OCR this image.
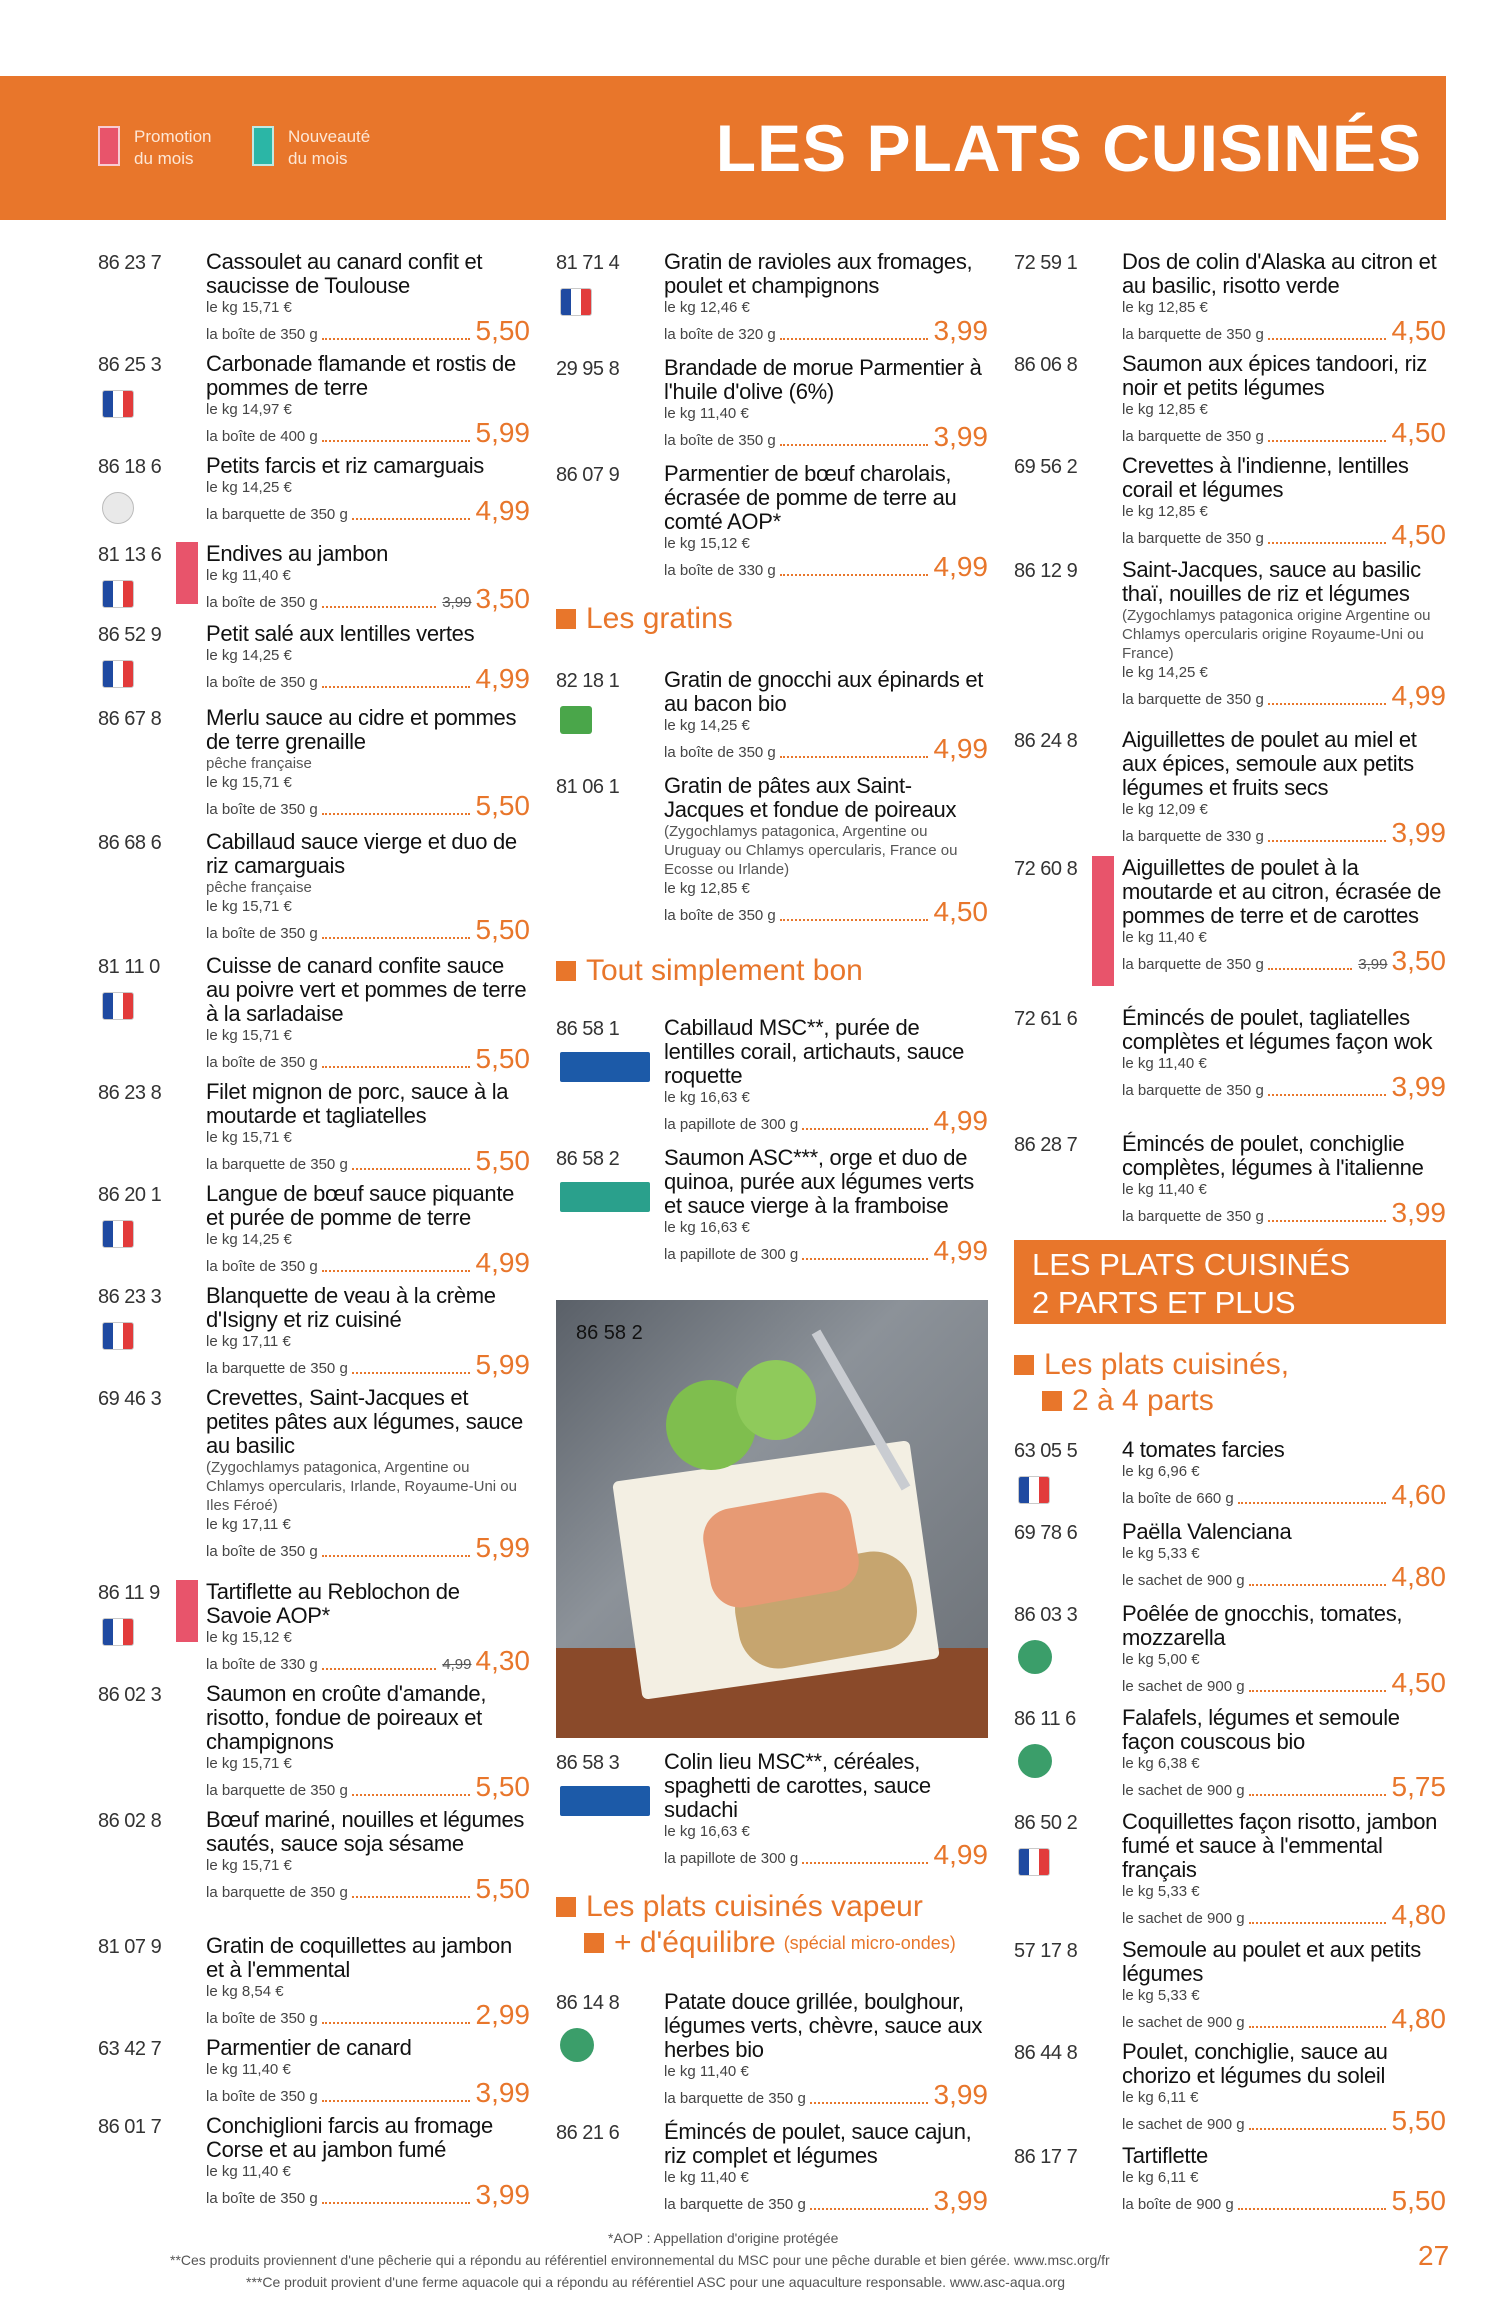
Promotion
du mois
Nouveauté
du mois	LES PLATS CUISINÉS
86 23 7 Cassoulet au canard confit et saucisse de Toulouse
le kg 15,71 €
la boîte de 350 g	5,50
86 25 3 Carbonade flamande et rostis de pommes de terre
le kg 14,97 €
la boîte de 400 g	5,99
86 18 6 Petits farcis et riz camarguais
le kg 14,25 €
la barquette de 350 g	4,99
81 13 6 Endives au jambon
le kg 11,40 €
la boîte de 350 g	3,99 3,50
86 52 9 Petit salé aux lentilles vertes
le kg 14,25 €
la boîte de 350 g	4,99
86 67 8 Merlu sauce au cidre et pommes de terre grenaille
pêche française
le kg 15,71 €
la boîte de 350 g	5,50
86 68 6 Cabillaud sauce vierge et duo de riz camarguais
pêche française
le kg 15,71 €
la boîte de 350 g	5,50
81 11 0 Cuisse de canard confite sauce au poivre vert et pommes de terre à la sarladaise
le kg 15,71 €
la boîte de 350 g	5,50
86 23 8 Filet mignon de porc, sauce à la moutarde et tagliatelles
le kg 15,71 €
la barquette de 350 g	5,50
86 20 1 Langue de bœuf sauce piquante et purée de pomme de terre
le kg 14,25 €
la boîte de 350 g	4,99
86 23 3 Blanquette de veau à la crème d'Isigny et riz cuisiné
le kg 17,11 €
la barquette de 350 g	5,99
69 46 3 Crevettes, Saint-Jacques et petites pâtes aux légumes, sauce au basilic
(Zygochlamys patagonica, Argentine ou Chlamys opercularis, Irlande, Royaume-Uni ou Iles Féroé)
le kg 17,11 €
la boîte de 350 g	5,99
86 11 9 Tartiflette au Reblochon de Savoie AOP*
le kg 15,12 €
la boîte de 330 g	4,99 4,30
86 02 3 Saumon en croûte d'amande, risotto, fondue de poireaux et champignons
le kg 15,71 €
la barquette de 350 g	5,50
86 02 8 Bœuf mariné, nouilles et légumes sautés, sauce soja sésame
le kg 15,71 €
la barquette de 350 g	5,50
81 07 9 Gratin de coquillettes au jambon et à l'emmental
le kg 8,54 €
la boîte de 350 g	2,99
63 42 7 Parmentier de canard
le kg 11,40 €
la boîte de 350 g	3,99
86 01 7 Conchiglioni farcis au fromage Corse et au jambon fumé
le kg 11,40 €
la boîte de 350 g	3,99
81 71 4 Gratin de ravioles aux fromages, poulet et champignons
le kg 12,46 €
la boîte de 320 g	3,99
29 95 8 Brandade de morue Parmentier à l'huile d'olive (6%)
le kg 11,40 €
la boîte de 350 g	3,99
86 07 9 Parmentier de bœuf charolais, écrasée de pomme de terre au comté AOP*
le kg 15,12 €
la boîte de 330 g	4,99
Les gratins
82 18 1 Gratin de gnocchi aux épinards et au bacon bio
le kg 14,25 €
la boîte de 350 g	4,99
81 06 1 Gratin de pâtes aux Saint-Jacques et fondue de poireaux
(Zygochlamys patagonica, Argentine ou Uruguay ou Chlamys opercularis, France ou Ecosse ou Irlande)
le kg 12,85 €
la boîte de 350 g	4,50
Tout simplement bon
86 58 1 Cabillaud MSC**, purée de lentilles corail, artichauts, sauce roquette
le kg 16,63 €
la papillote de 300 g	4,99
86 58 2 Saumon ASC***, orge et duo de quinoa, purée aux légumes verts et sauce vierge à la framboise
le kg 16,63 €
la papillote de 300 g	4,99
86 58 3 Colin lieu MSC**, céréales, spaghetti de carottes, sauce sudachi
le kg 16,63 €
la papillote de 300 g	4,99
Les plats cuisinés vapeur
+ d'équilibre (spécial micro-ondes)
86 14 8 Patate douce grillée, boulghour, légumes verts, chèvre, sauce aux herbes bio
le kg 11,40 €
la barquette de 350 g	3,99
86 21 6 Émincés de poulet, sauce cajun, riz complet et légumes
le kg 11,40 €
la barquette de 350 g	3,99
86 58 2
72 59 1 Dos de colin d'Alaska au citron et au basilic, risotto verde
le kg 12,85 €
la barquette de 350 g	4,50
86 06 8 Saumon aux épices tandoori, riz noir et petits légumes
le kg 12,85 €
la barquette de 350 g	4,50
69 56 2 Crevettes à l'indienne, lentilles corail et légumes
le kg 12,85 €
la barquette de 350 g	4,50
86 12 9 Saint-Jacques, sauce au basilic thaï, nouilles de riz et légumes
(Zygochlamys patagonica origine Argentine ou Chlamys opercularis origine Royaume-Uni ou France)
le kg 14,25 €
la barquette de 350 g	4,99
86 24 8 Aiguillettes de poulet au miel et aux épices, semoule aux petits légumes et fruits secs
le kg 12,09 €
la barquette de 330 g	3,99
72 60 8 Aiguillettes de poulet à la moutarde et au citron, écrasée de pommes de terre et de carottes
le kg 11,40 €
la barquette de 350 g	3,99 3,50
72 61 6 Émincés de poulet, tagliatelles complètes et légumes façon wok
le kg 11,40 €
la barquette de 350 g	3,99
86 28 7 Émincés de poulet, conchiglie complètes, légumes à l'italienne
le kg 11,40 €
la barquette de 350 g	3,99
Les plats cuisinés,
2 à 4 parts
63 05 5 4 tomates farcies
le kg 6,96 €
la boîte de 660 g	4,60
69 78 6 Paëlla Valenciana
le kg 5,33 €
le sachet de 900 g	4,80
86 03 3 Poêlée de gnocchis, tomates, mozzarella
le kg 5,00 €
le sachet de 900 g	4,50
86 11 6 Falafels, légumes et semoule façon couscous bio
le kg 6,38 €
le sachet de 900 g	5,75
86 50 2 Coquillettes façon risotto, jambon fumé et sauce à l'emmental français
le kg 5,33 €
le sachet de 900 g	4,80
57 17 8 Semoule au poulet et aux petits légumes
le kg 5,33 €
le sachet de 900 g	4,80
86 44 8 Poulet, conchiglie, sauce au chorizo et légumes du soleil
le kg 6,11 €
le sachet de 900 g	5,50
86 17 7 Tartiflette
le kg 6,11 €
la boîte de 900 g	5,50
LES PLATS CUISINÉS
2 PARTS ET PLUS
*AOP : Appellation d'origine protégée
**Ces produits proviennent d'une pêcherie qui a répondu au référentiel environnemental du MSC pour une pêche durable et bien gérée. www.msc.org/fr
***Ce produit provient d'une ferme aquacole qui a répondu au référentiel ASC pour une aquaculture responsable. www.asc-aqua.org
27
